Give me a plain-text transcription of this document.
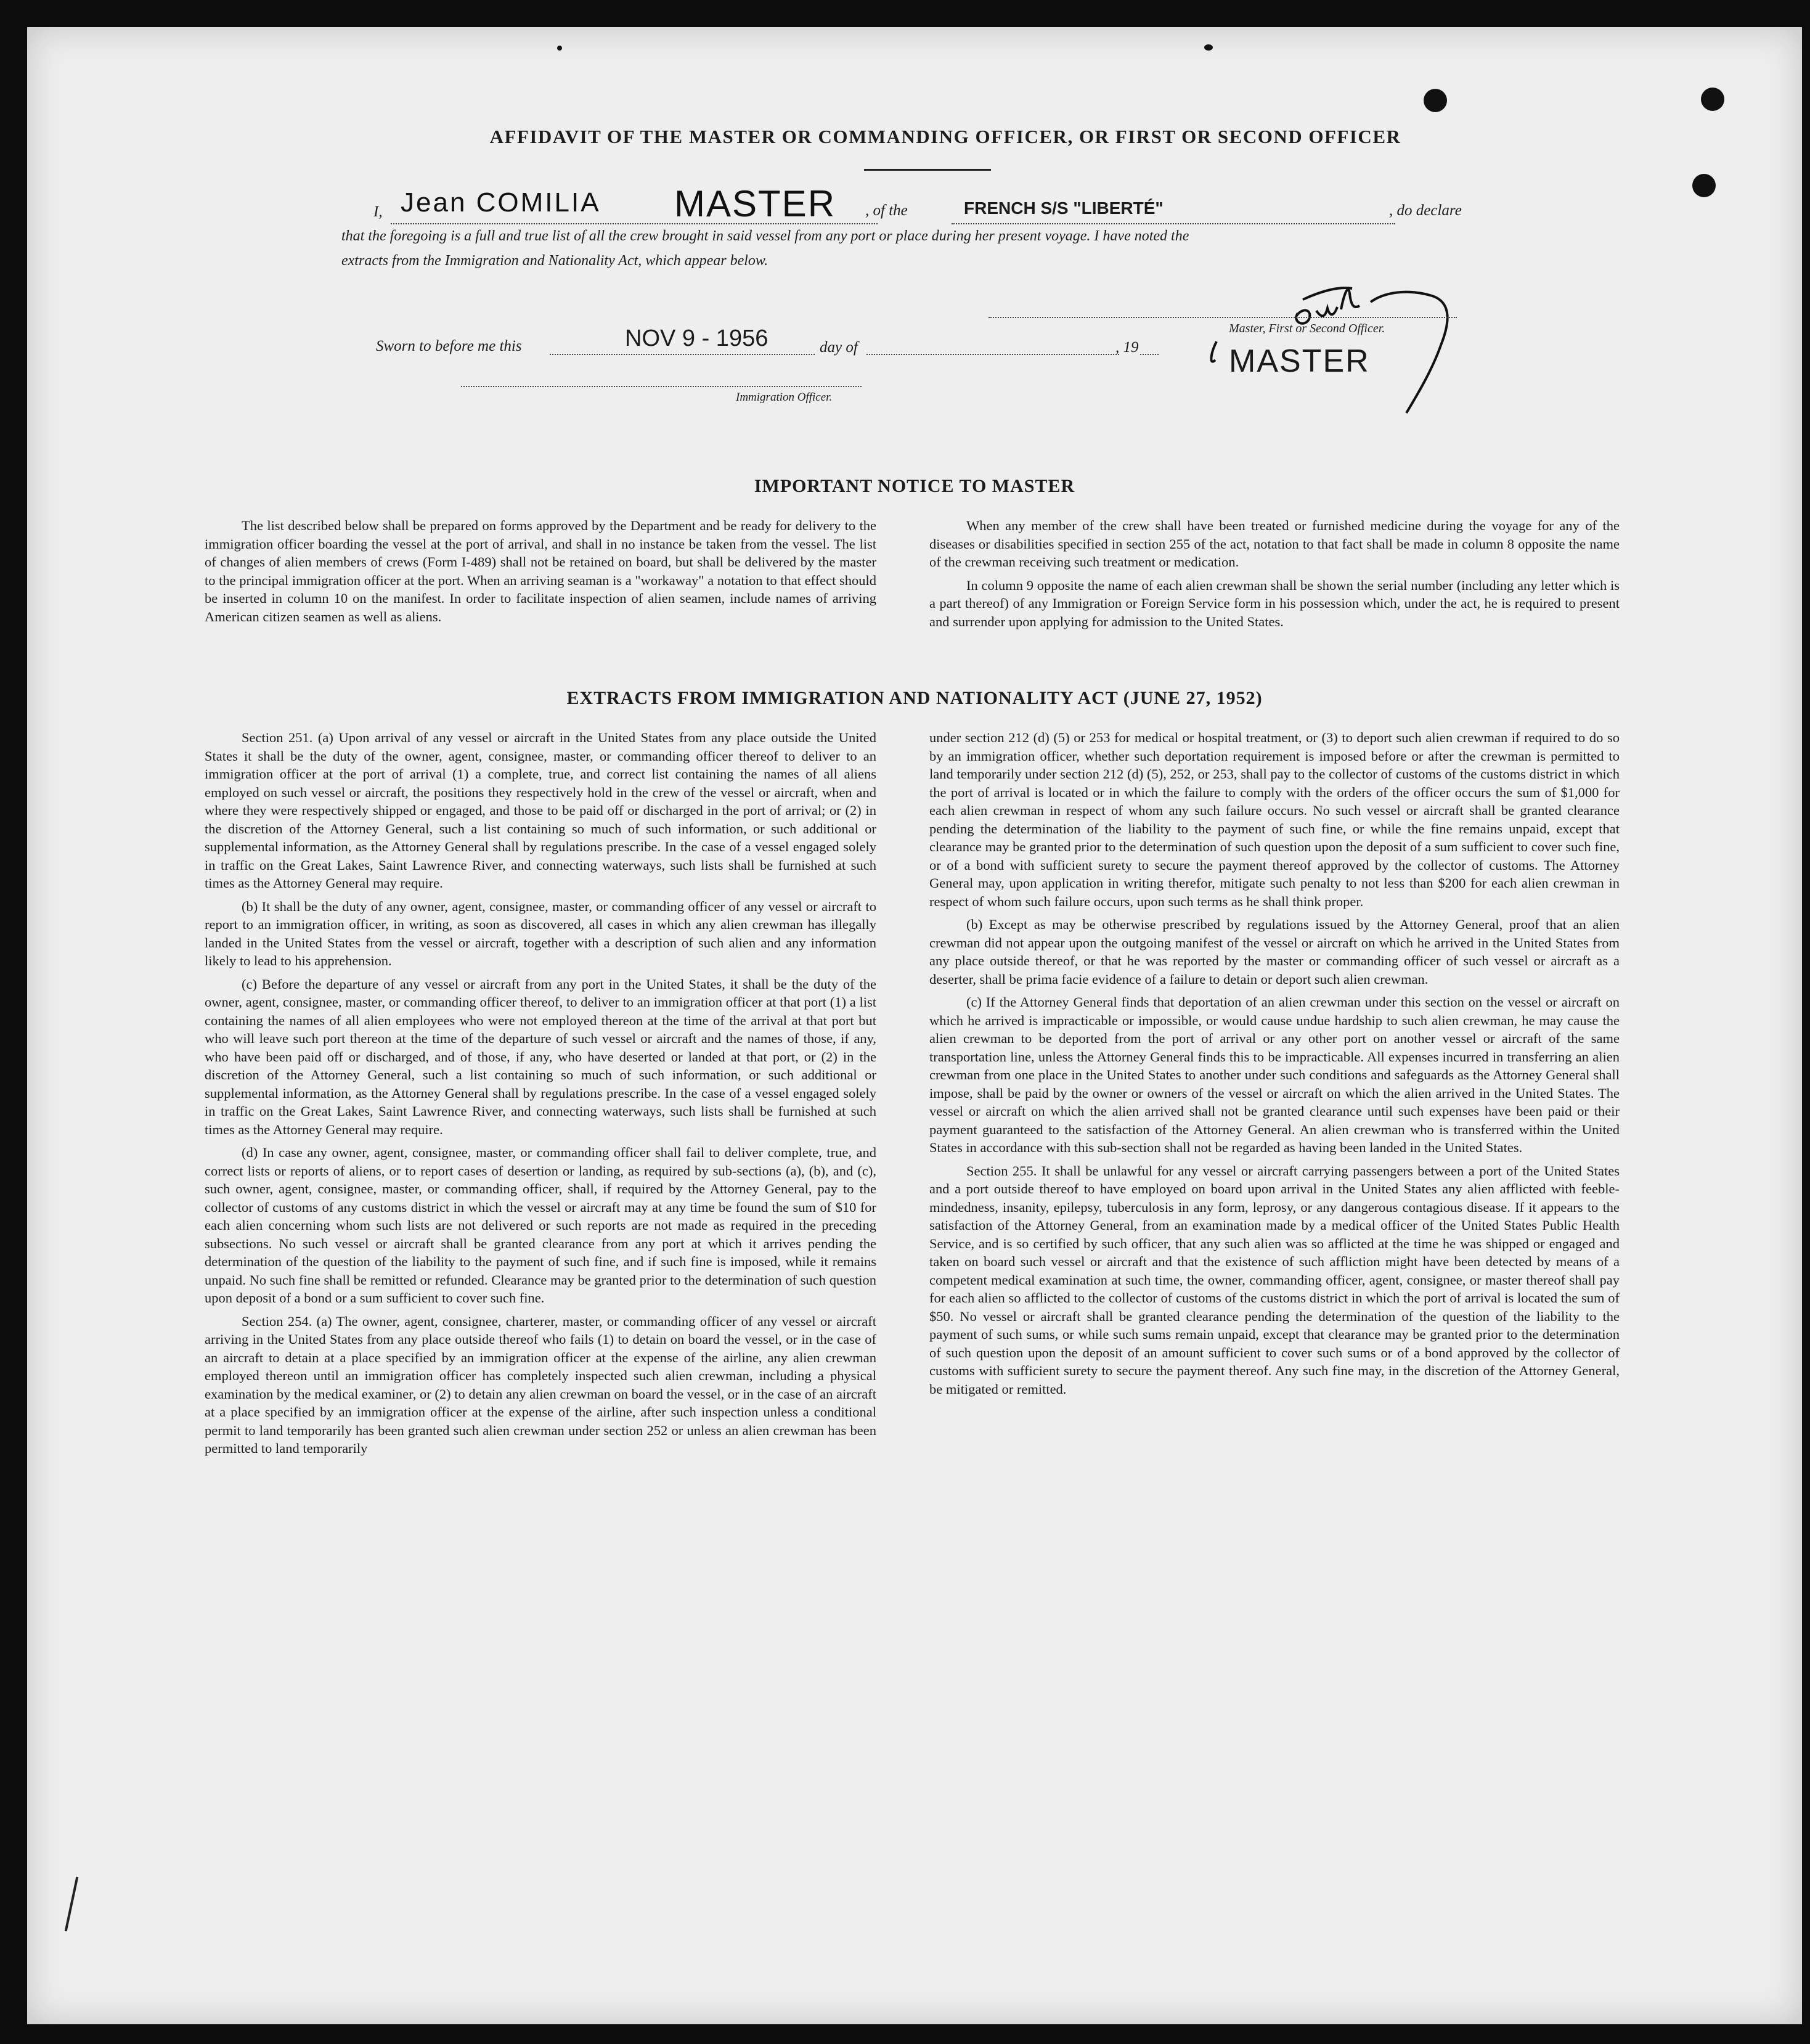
AFFIDAVIT OF THE MASTER OR COMMANDING OFFICER, OR FIRST OR SECOND OFFICER
I, Jean COMILIA MASTER , of the	FRENCH S/S "LIBERTÉ"	, do declare
that the foregoing is a full and true list of all the crew brought in said vessel from any port or place during her present voyage. I have noted the
extracts from the Immigration and Nationality Act, which appear below.
Master, First or Second Officer.
MASTER
Sworn to before me this	NOV 9 - 1956	day of	, 19
Immigration Officer.
IMPORTANT NOTICE TO MASTER

The list described below shall be prepared on forms approved by the Department and be ready for delivery to the immigration officer boarding the vessel at the port of arrival, and shall in no instance be taken from the vessel. The list of changes of alien members of crews (Form I-489) shall not be retained on board, but shall be delivered by the master to the principal immigration officer at the port. When an arriving seaman is a "workaway" a notation to that effect should be inserted in column 10 on the manifest. In order to facilitate inspection of alien seamen, include names of arriving American citizen seamen as well as aliens.

When any member of the crew shall have been treated or furnished medicine during the voyage for any of the diseases or disabilities specified in section 255 of the act, notation to that fact shall be made in column 8 opposite the name of the crewman receiving such treatment or medication.

In column 9 opposite the name of each alien crewman shall be shown the serial number (including any letter which is a part thereof) of any Immigration or Foreign Service form in his possession which, under the act, he is required to present and surrender upon applying for admission to the United States.

EXTRACTS FROM IMMIGRATION AND NATIONALITY ACT (JUNE 27, 1952)

Section 251. (a) Upon arrival of any vessel or aircraft in the United States from any place outside the United States it shall be the duty of the owner, agent, consignee, master, or commanding officer thereof to deliver to an immigration officer at the port of arrival (1) a complete, true, and correct list containing the names of all aliens employed on such vessel or aircraft, the positions they respectively hold in the crew of the vessel or aircraft, when and where they were respectively shipped or engaged, and those to be paid off or discharged in the port of arrival; or (2) in the discretion of the Attorney General, such a list containing so much of such information, or such additional or supplemental information, as the Attorney General shall by regulations prescribe. In the case of a vessel engaged solely in traffic on the Great Lakes, Saint Lawrence River, and connecting waterways, such lists shall be furnished at such times as the Attorney General may require.

(b) It shall be the duty of any owner, agent, consignee, master, or commanding officer of any vessel or aircraft to report to an immigration officer, in writing, as soon as discovered, all cases in which any alien crewman has illegally landed in the United States from the vessel or aircraft, together with a description of such alien and any information likely to lead to his apprehension.

(c) Before the departure of any vessel or aircraft from any port in the United States, it shall be the duty of the owner, agent, consignee, master, or commanding officer thereof, to deliver to an immigration officer at that port (1) a list containing the names of all alien employees who were not employed thereon at the time of the arrival at that port but who will leave such port thereon at the time of the departure of such vessel or aircraft and the names of those, if any, who have been paid off or discharged, and of those, if any, who have deserted or landed at that port, or (2) in the discretion of the Attorney General, such a list containing so much of such information, or such additional or supplemental information, as the Attorney General shall by regulations prescribe. In the case of a vessel engaged solely in traffic on the Great Lakes, Saint Lawrence River, and connecting waterways, such lists shall be furnished at such times as the Attorney General may require.

(d) In case any owner, agent, consignee, master, or commanding officer shall fail to deliver complete, true, and correct lists or reports of aliens, or to report cases of desertion or landing, as required by sub-sections (a), (b), and (c), such owner, agent, consignee, master, or commanding officer, shall, if required by the Attorney General, pay to the collector of customs of any customs district in which the vessel or aircraft may at any time be found the sum of $10 for each alien concerning whom such lists are not delivered or such reports are not made as required in the preceding subsections. No such vessel or aircraft shall be granted clearance from any port at which it arrives pending the determination of the question of the liability to the payment of such fine, and if such fine is imposed, while it remains unpaid. No such fine shall be remitted or refunded. Clearance may be granted prior to the determination of such question upon deposit of a bond or a sum sufficient to cover such fine.

Section 254. (a) The owner, agent, consignee, charterer, master, or commanding officer of any vessel or aircraft arriving in the United States from any place outside thereof who fails (1) to detain on board the vessel, or in the case of an aircraft to detain at a place specified by an immigration officer at the expense of the airline, any alien crewman employed thereon until an immigration officer has completely inspected such alien crewman, including a physical examination by the medical examiner, or (2) to detain any alien crewman on board the vessel, or in the case of an aircraft at a place specified by an immigration officer at the expense of the airline, after such inspection unless a conditional permit to land temporarily has been granted such alien crewman under section 252 or unless an alien crewman has been permitted to land temporarily

under section 212 (d) (5) or 253 for medical or hospital treatment, or (3) to deport such alien crewman if required to do so by an immigration officer, whether such deportation requirement is imposed before or after the crewman is permitted to land temporarily under section 212 (d) (5), 252, or 253, shall pay to the collector of customs of the customs district in which the port of arrival is located or in which the failure to comply with the orders of the officer occurs the sum of $1,000 for each alien crewman in respect of whom any such failure occurs. No such vessel or aircraft shall be granted clearance pending the determination of the liability to the payment of such fine, or while the fine remains unpaid, except that clearance may be granted prior to the determination of such question upon the deposit of a sum sufficient to cover such fine, or of a bond with sufficient surety to secure the payment thereof approved by the collector of customs. The Attorney General may, upon application in writing therefor, mitigate such penalty to not less than $200 for each alien crewman in respect of whom such failure occurs, upon such terms as he shall think proper.

(b) Except as may be otherwise prescribed by regulations issued by the Attorney General, proof that an alien crewman did not appear upon the outgoing manifest of the vessel or aircraft on which he arrived in the United States from any place outside thereof, or that he was reported by the master or commanding officer of such vessel or aircraft as a deserter, shall be prima facie evidence of a failure to detain or deport such alien crewman.

(c) If the Attorney General finds that deportation of an alien crewman under this section on the vessel or aircraft on which he arrived is impracticable or impossible, or would cause undue hardship to such alien crewman, he may cause the alien crewman to be deported from the port of arrival or any other port on another vessel or aircraft of the same transportation line, unless the Attorney General finds this to be impracticable. All expenses incurred in transferring an alien crewman from one place in the United States to another under such conditions and safeguards as the Attorney General shall impose, shall be paid by the owner or owners of the vessel or aircraft on which the alien arrived in the United States. The vessel or aircraft on which the alien arrived shall not be granted clearance until such expenses have been paid or their payment guaranteed to the satisfaction of the Attorney General. An alien crewman who is transferred within the United States in accordance with this sub-section shall not be regarded as having been landed in the United States.

Section 255. It shall be unlawful for any vessel or aircraft carrying passengers between a port of the United States and a port outside thereof to have employed on board upon arrival in the United States any alien afflicted with feeble-mindedness, insanity, epilepsy, tuberculosis in any form, leprosy, or any dangerous contagious disease. If it appears to the satisfaction of the Attorney General, from an examination made by a medical officer of the United States Public Health Service, and is so certified by such officer, that any such alien was so afflicted at the time he was shipped or engaged and taken on board such vessel or aircraft and that the existence of such affliction might have been detected by means of a competent medical examination at such time, the owner, commanding officer, agent, consignee, or master thereof shall pay for each alien so afflicted to the collector of customs of the customs district in which the port of arrival is located the sum of $50. No vessel or aircraft shall be granted clearance pending the determination of the question of the liability to the payment of such sums, or while such sums remain unpaid, except that clearance may be granted prior to the determination of such question upon the deposit of an amount sufficient to cover such sums or of a bond approved by the collector of customs with sufficient surety to secure the payment thereof. Any such fine may, in the discretion of the Attorney General, be mitigated or remitted.
